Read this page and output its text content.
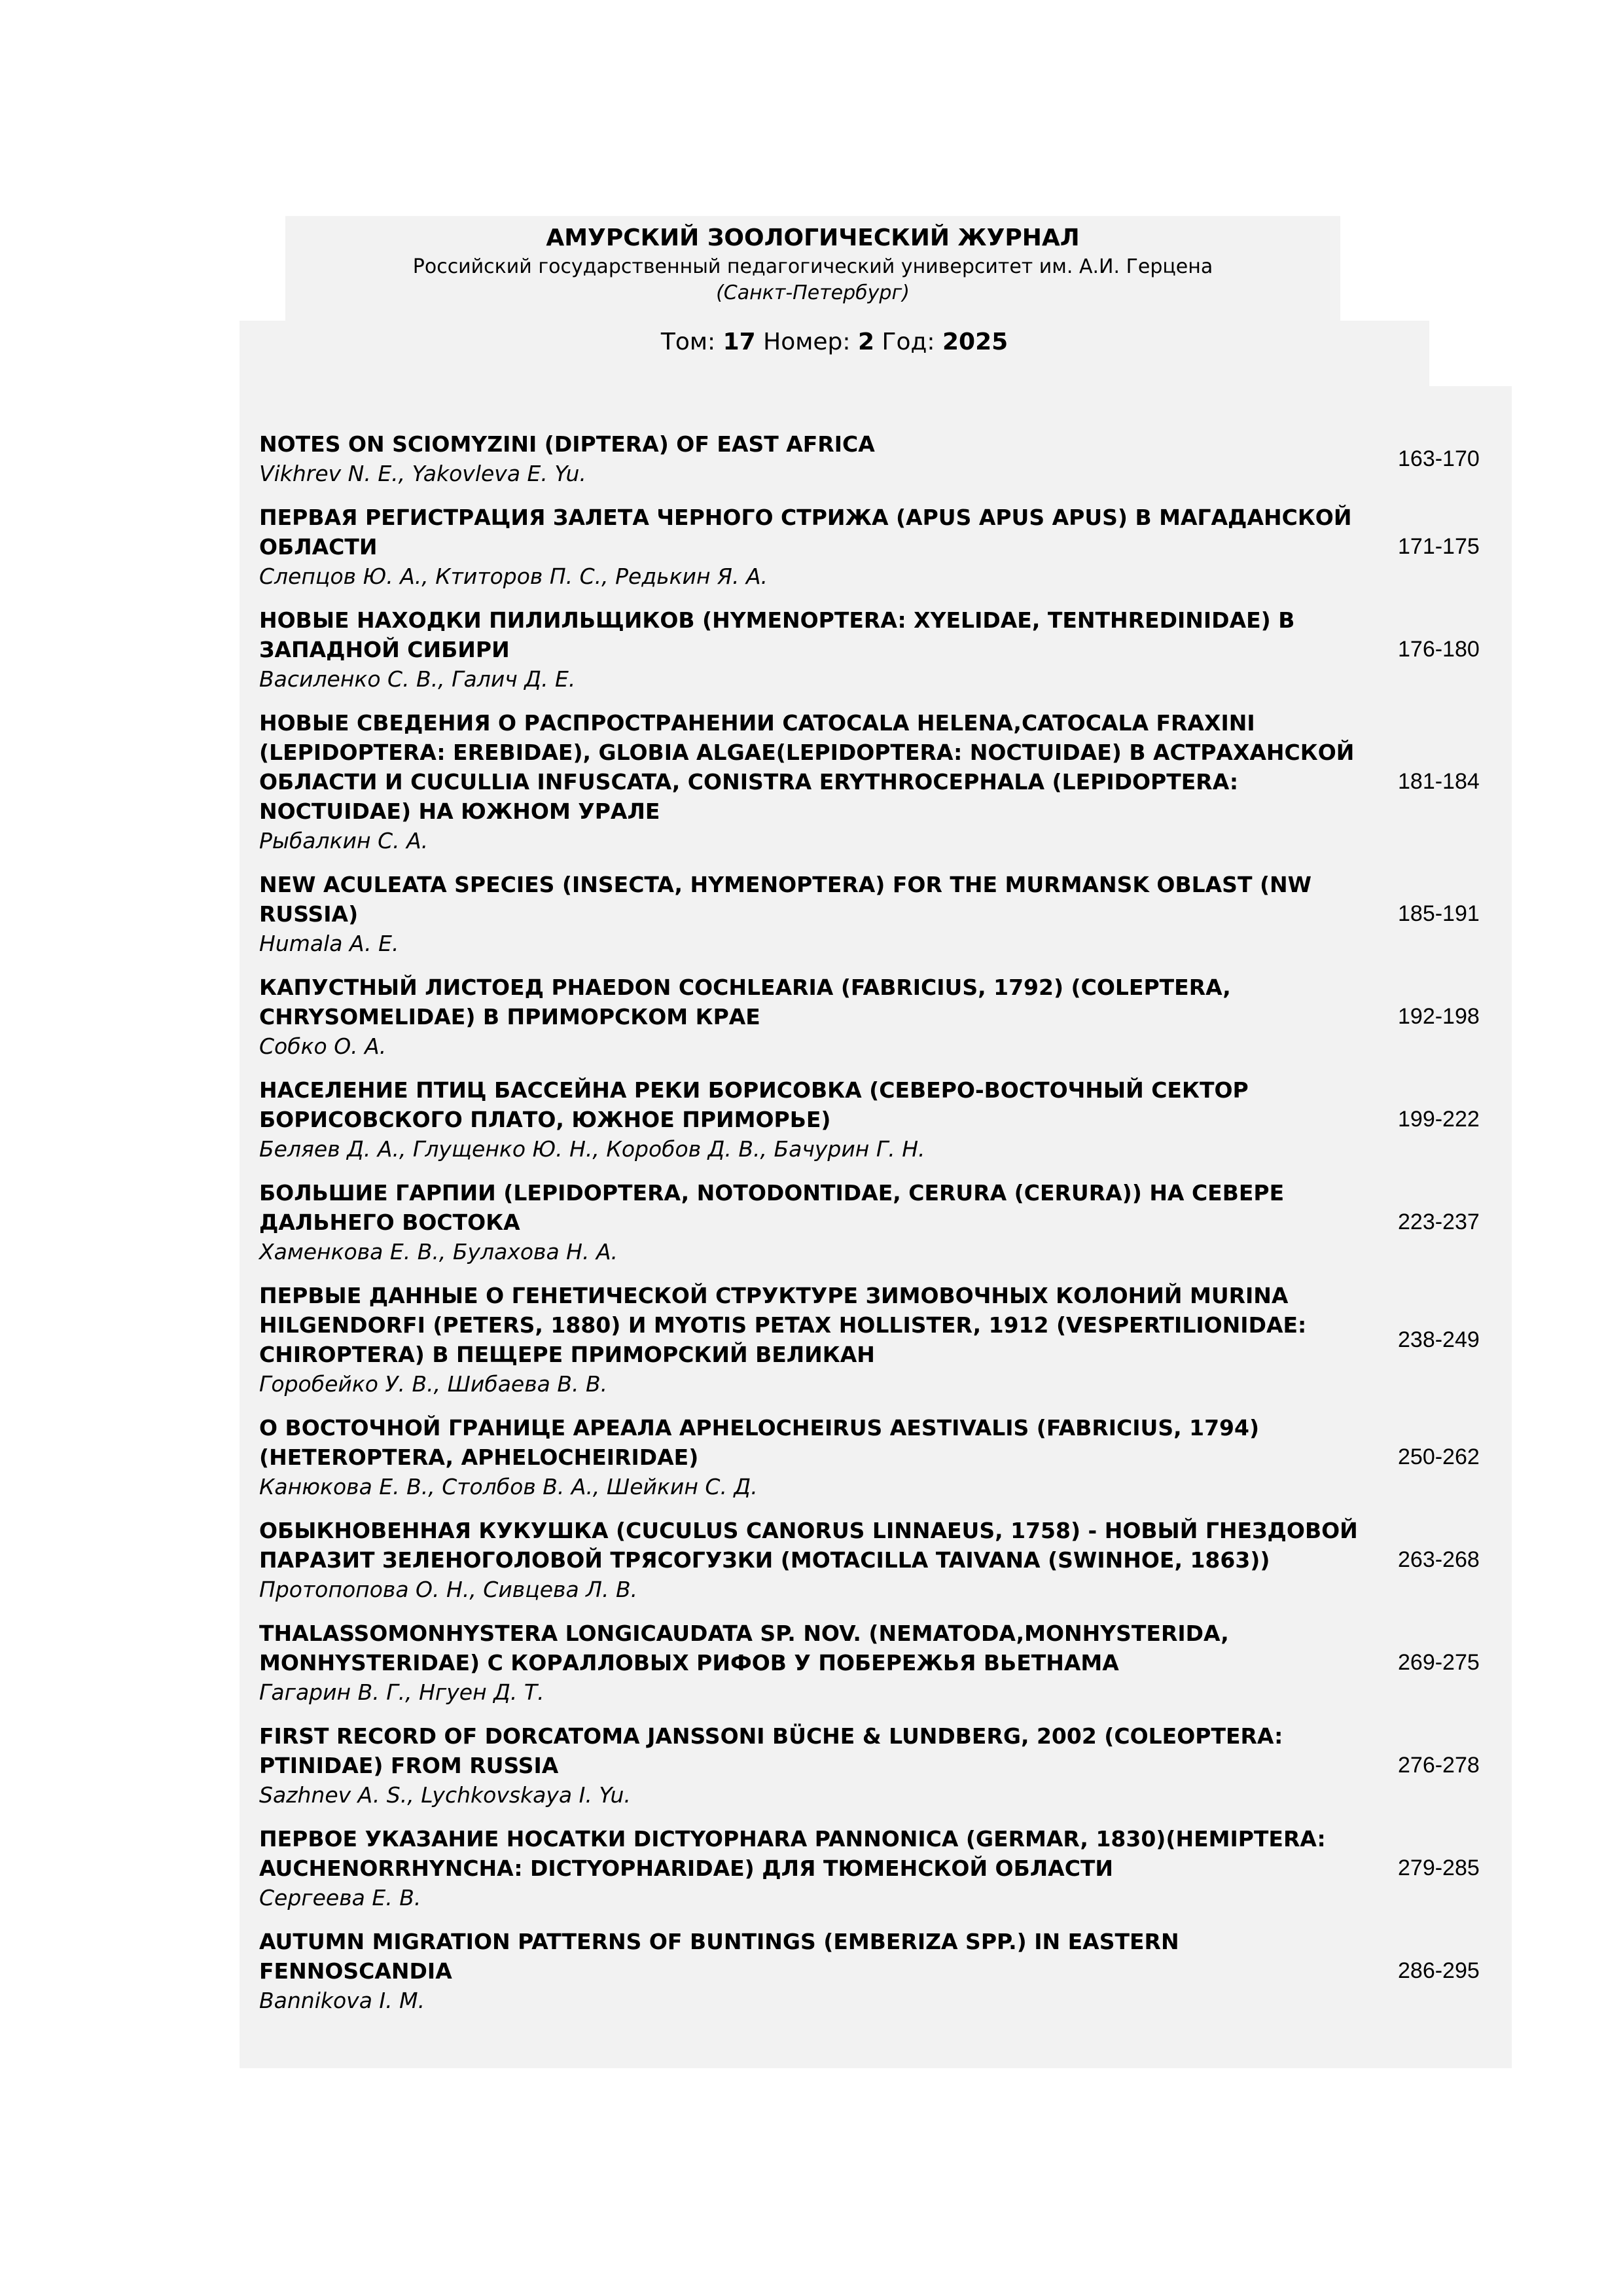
АМУРСКИЙ ЗООЛОГИЧЕСКИЙ ЖУРНАЛ
Российский государственный педагогический университет им. А.И. Герцена
(Санкт-Петербург)
Том: 17 Номер: 2 Год: 2025
NOTES ON SCIOMYZINI (DIPTERA) OF EAST AFRICA
Vikhrev N. E., Yakovleva E. Yu.
163-170
ПЕРВАЯ РЕГИСТРАЦИЯ ЗАЛЕТА ЧЕРНОГО СТРИЖА (APUS APUS APUS) В МАГАДАНСКОЙ ОБЛАСТИ
Слепцов Ю. А., Ктиторов П. С., Редькин Я. А.
171-175
НОВЫЕ НАХОДКИ ПИЛИЛЬЩИКОВ (HYMENOPTERA: XYELIDAE, TENTHREDINIDAE) В ЗАПАДНОЙ СИБИРИ
Василенко С. В., Галич Д. Е.
176-180
НОВЫЕ СВЕДЕНИЯ О РАСПРОСТРАНЕНИИ CATOCALA HELENA,CATOCALA FRAXINI (LEPIDOPTERA: EREBIDAE), GLOBIA ALGAE(LEPIDOPTERA: NOCTUIDAE) В АСТРАХАНСКОЙ ОБЛАСТИ И CUCULLIA INFUSCATA, CONISTRA ERYTHROCEPHALA (LEPIDOPTERA: NOCTUIDAE) НА ЮЖНОМ УРАЛЕ
Рыбалкин С. А.
181-184
NEW ACULEATA SPECIES (INSECTA, HYMENOPTERA) FOR THE MURMANSK OBLAST (NW RUSSIA)
Humala A. E.
185-191
КАПУСТНЫЙ ЛИСТОЕД PHAEDON COCHLEARIA (FABRICIUS, 1792) (COLEPTERA, CHRYSOMELIDAE) В ПРИМОРСКОМ КРАЕ
Собко О. А.
192-198
НАСЕЛЕНИЕ ПТИЦ БАССЕЙНА РЕКИ БОРИСОВКА (СЕВЕРО-ВОСТОЧНЫЙ СЕКТОР БОРИСОВСКОГО ПЛАТО, ЮЖНОЕ ПРИМОРЬЕ)
Беляев Д. А., Глущенко Ю. Н., Коробов Д. В., Бачурин Г. Н.
199-222
БОЛЬШИЕ ГАРПИИ (LEPIDOPTERA, NOTODONTIDAE, CERURA (CERURA)) НА СЕВЕРЕ ДАЛЬНЕГО ВОСТОКА
Хаменкова Е. В., Булахова Н. А.
223-237
ПЕРВЫЕ ДАННЫЕ О ГЕНЕТИЧЕСКОЙ СТРУКТУРЕ ЗИМОВОЧНЫХ КОЛОНИЙ MURINA HILGENDORFI (PETERS, 1880) И MYOTIS PETAX HOLLISTER, 1912 (VESPERTILIONIDAE: CHIROPTERA) В ПЕЩЕРЕ ПРИМОРСКИЙ ВЕЛИКАН
Горобейко У. В., Шибаева В. В.
238-249
О ВОСТОЧНОЙ ГРАНИЦЕ АРЕАЛА APHELOCHEIRUS AESTIVALIS (FABRICIUS, 1794) (HETEROPTERA, APHELOCHEIRIDAE)
Канюкова Е. В., Столбов В. А., Шейкин С. Д.
250-262
ОБЫКНОВЕННАЯ КУКУШКА (CUCULUS CANORUS LINNAEUS, 1758) - НОВЫЙ ГНЕЗДОВОЙ ПАРАЗИТ ЗЕЛЕНОГОЛОВОЙ ТРЯСОГУЗКИ (MOTACILLA TAIVANA (SWINHOE, 1863))
Протопопова О. Н., Сивцева Л. В.
263-268
THALASSOMONHYSTERA LONGICAUDATA SP. NOV. (NEMATODA,MONHYSTERIDA, MONHYSTERIDAE) С КОРАЛЛОВЫХ РИФОВ У ПОБЕРЕЖЬЯ ВЬЕТНАМА
Гагарин В. Г., Нгуен Д. Т.
269-275
FIRST RECORD OF DORCATOMA JANSSONI BÜCHE & LUNDBERG, 2002 (COLEOPTERA: PTINIDAE) FROM RUSSIA
Sazhnev A. S., Lychkovskaya I. Yu.
276-278
ПЕРВОЕ УКАЗАНИЕ НОСАТКИ DICTYOPHARA PANNONICA (GERMAR, 1830)(HEMIPTERA: AUCHENORRHYNCHA: DICTYOPHARIDAE) ДЛЯ ТЮМЕНСКОЙ ОБЛАСТИ
Сергеева Е. В.
279-285
AUTUMN MIGRATION PATTERNS OF BUNTINGS (EMBERIZA SPP.) IN EASTERN FENNOSCANDIA
Bannikova I. M.
286-295
